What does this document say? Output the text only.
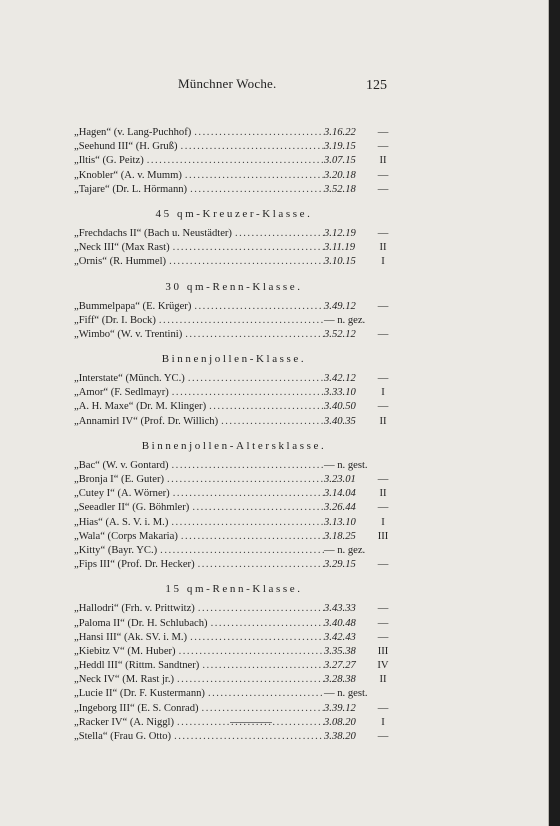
Münchner Woche.	125
„Hagen“ (v. Lang-Puchhof) .....	3.16.22	—
„Seehund III“ (H. Gruß) .....	3.19.15	—
„Iltis“ (G. Peitz) .....	3.07.15	II
„Knobler“ (A. v. Mumm) .....	3.20.18	—
„Tajare“ (Dr. L. Hörmann) .....	3.52.18	—
45 qm-Kreuzer-Klasse.
„Frechdachs II“ (Bach u. Neustädter) .....	3.12.19	—
„Neck III“ (Max Rast) .....	3.11.19	II
„Ornis“ (R. Hummel) .....	3.10.15	I
30 qm-Renn-Klasse.
„Bummelpapa“ (E. Krüger) .....	3.49.12	—
„Fiff“ (Dr. I. Bock) .....	— n. gez.
„Wimbo“ (W. v. Trentini) .....	3.52.12	—
Binnenjollen-Klasse.
„Interstate“ (Münch. YC.) .....	3.42.12	—
„Amor“ (F. Sedlmayr) .....	3.33.10	I
„A. H. Maxe“ (Dr. M. Klinger) .....	3.40.50	—
„Annamirl IV“ (Prof. Dr. Willich) .....	3.40.35	II
Binnenjollen-Altersklasse.
„Bac“ (W. v. Gontard) .....	— n. gest.
„Bronja I“ (E. Guter) .....	3.23.01	—
„Cutey I“ (A. Wörner) .....	3.14.04	II
„Seeadler II“ (G. Böhmler) .....	3.26.44	—
„Hias“ (A. S. V. i. M.) .....	3.13.10	I
„Wala“ (Corps Makaria) .....	3.18.25	III
„Kitty“ (Bayr. YC.) .....	— n. gez.
„Fips III“ (Prof. Dr. Hecker) .....	3.29.15	—
15 qm-Renn-Klasse.
„Hallodri“ (Frh. v. Prittwitz) .....	3.43.33	—
„Paloma II“ (Dr. H. Schlubach) .....	3.40.48	—
„Hansi III“ (Ak. SV. i. M.) .....	3.42.43	—
„Kiebitz V“ (M. Huber) .....	3.35.38	III
„Heddl III“ (Rittm. Sandtner) .....	3.27.27	IV
„Neck IV“ (M. Rast jr.) .....	3.28.38	II
„Lucie II“ (Dr. F. Kustermann) .....	— n. gest.
„Ingeborg III“ (E. S. Conrad) .....	3.39.12	—
„Racker IV“ (A. Niggl) .....	3.08.20	I
„Stella“ (Frau G. Otto) .....	3.38.20	—
